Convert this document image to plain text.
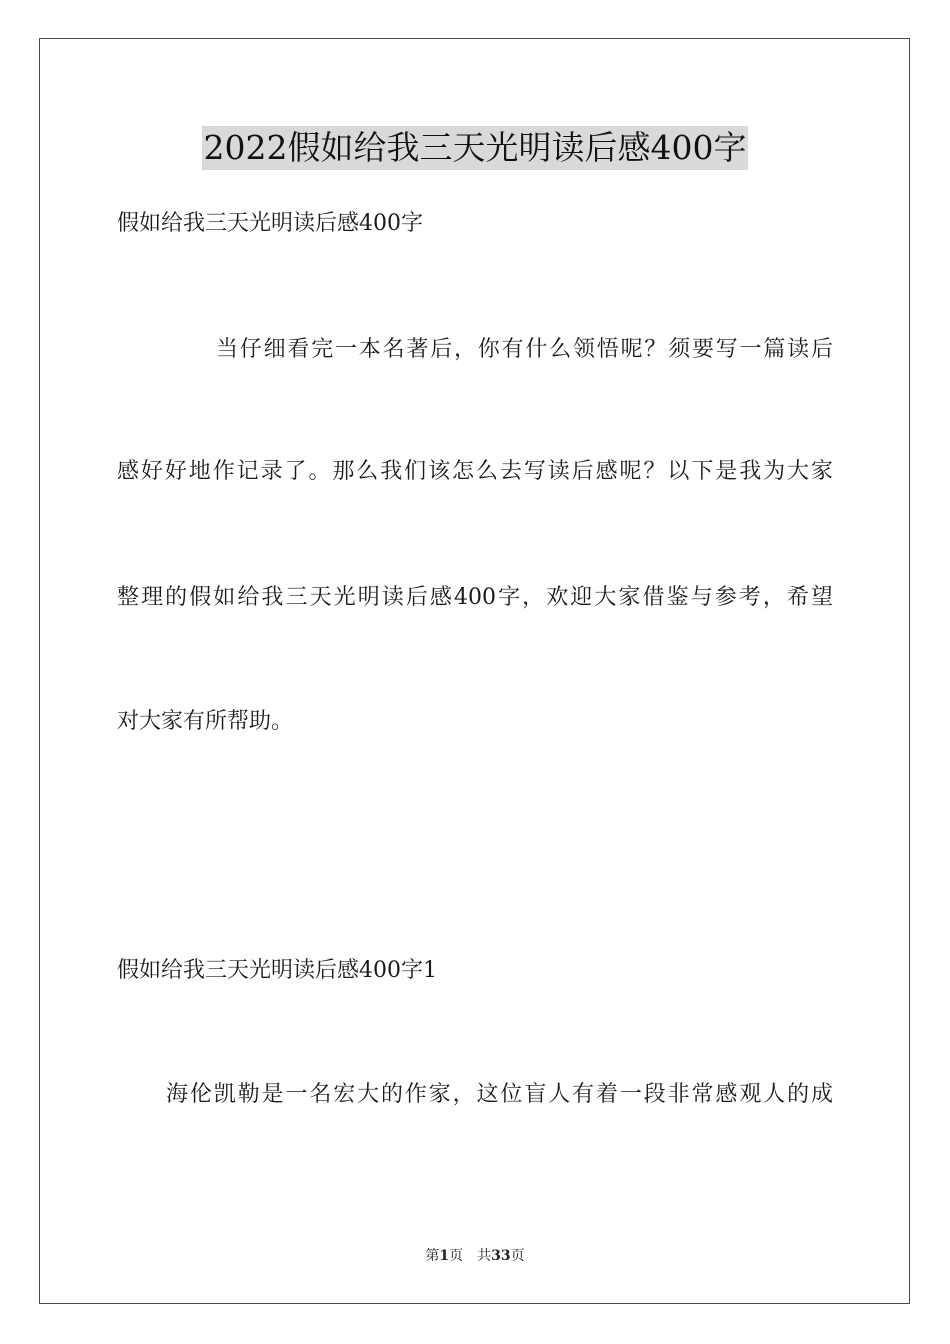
2022假如给我三天光明读后感400字
假如给我三天光明读后感400字
当仔细看完一本名著后，你有什么领悟呢？须要写一篇读后
感好好地作记录了。那么我们该怎么去写读后感呢？以下是我为大家
整理的假如给我三天光明读后感400字，欢迎大家借鉴与参考，希望
对大家有所帮助。
假如给我三天光明读后感400字1
海伦凯勒是一名宏大的作家，这位盲人有着一段非常感观人的成
第1页 共33页
